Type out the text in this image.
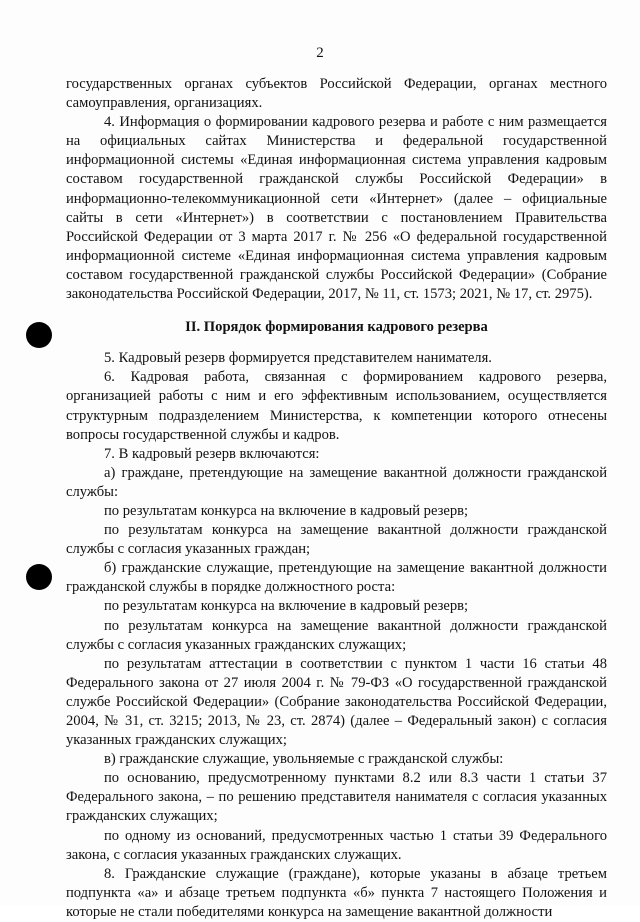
2

государственных органах субъектов Российской Федерации, органах местного самоуправления, организациях.

4. Информация о формировании кадрового резерва и работе с ним размещается на официальных сайтах Министерства и федеральной государственной информационной системы «Единая информационная система управления кадровым составом государственной гражданской службы Российской Федерации» в информационно-телекоммуникационной сети «Интернет» (далее – официальные сайты в сети «Интернет») в соответствии с постановлением Правительства Российской Федерации от 3 марта 2017 г. № 256 «О федеральной государственной информационной системе «Единая информационная система управления кадровым составом государственной гражданской службы Российской Федерации» (Собрание законодательства Российской Федерации, 2017, № 11, ст. 1573; 2021, № 17, ст. 2975).

II. Порядок формирования кадрового резерва

5. Кадровый резерв формируется представителем нанимателя.

6. Кадровая работа, связанная с формированием кадрового резерва, организацией работы с ним и его эффективным использованием, осуществляется структурным подразделением Министерства, к компетенции которого отнесены вопросы государственной службы и кадров.

7. В кадровый резерв включаются:

а) граждане, претендующие на замещение вакантной должности гражданской службы:

по результатам конкурса на включение в кадровый резерв;

по результатам конкурса на замещение вакантной должности гражданской службы с согласия указанных граждан;

б) гражданские служащие, претендующие на замещение вакантной должности гражданской службы в порядке должностного роста:

по результатам конкурса на включение в кадровый резерв;

по результатам конкурса на замещение вакантной должности гражданской службы с согласия указанных гражданских служащих;

по результатам аттестации в соответствии с пунктом 1 части 16 статьи 48 Федерального закона от 27 июля 2004 г. № 79-ФЗ «О государственной гражданской службе Российской Федерации» (Собрание законодательства Российской Федерации, 2004, № 31, ст. 3215; 2013, № 23, ст. 2874) (далее – Федеральный закон) с согласия указанных гражданских служащих;

в) гражданские служащие, увольняемые с гражданской службы:

по основанию, предусмотренному пунктами 8.2 или 8.3 части 1 статьи 37 Федерального закона, – по решению представителя нанимателя с согласия указанных гражданских служащих;

по одному из оснований, предусмотренных частью 1 статьи 39 Федерального закона, с согласия указанных гражданских служащих.

8. Гражданские служащие (граждане), которые указаны в абзаце третьем подпункта «а» и абзаце третьем подпункта «б» пункта 7 настоящего Положения и которые не стали победителями конкурса на замещение вакантной должности
